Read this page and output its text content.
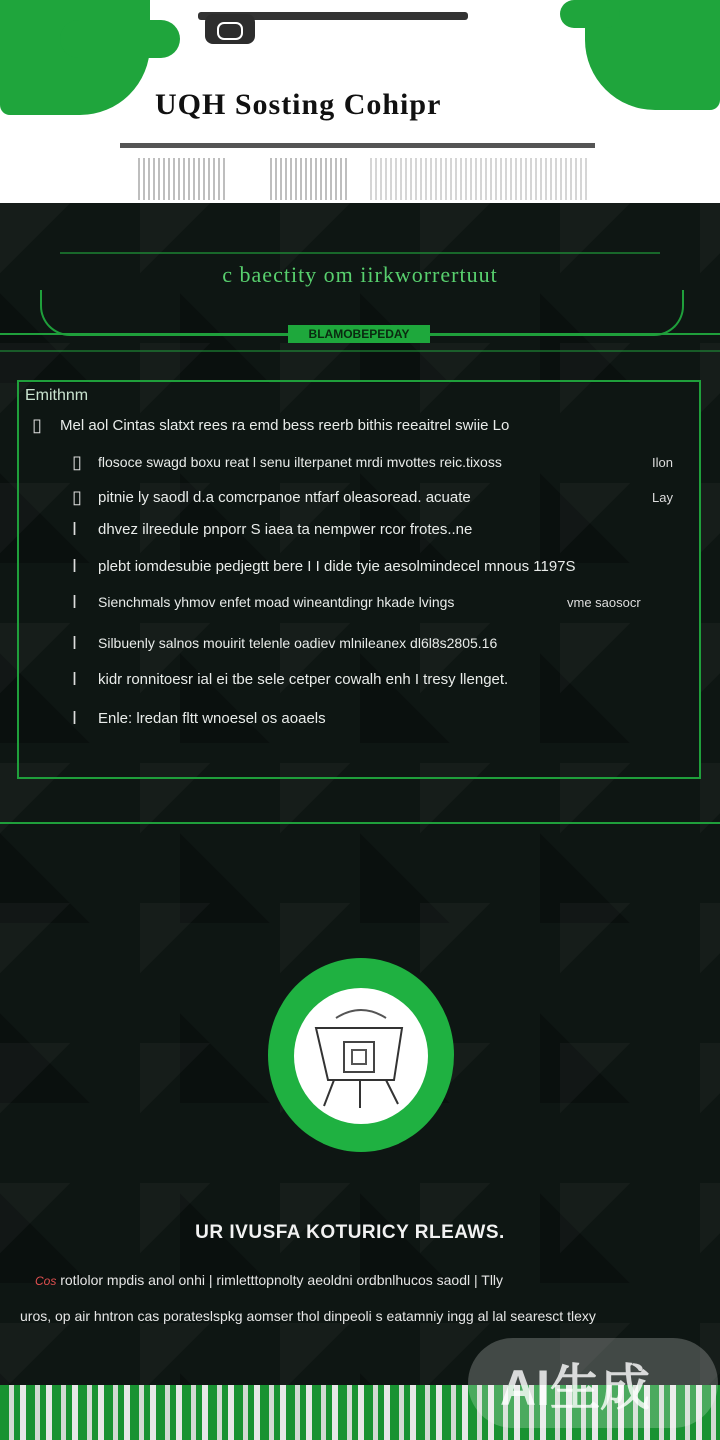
UQH Sosting Cohipr
c baectity om iirkworrertuut
BLAMOBEPEDAY
Emithnm
▯ Mel aol Cintas slatxt rees ra emd bess reerb bithis reeaitrel swiie Lo
▯ flosoce swagd boxu reat l senu ilterpanet mrdi mvottes reic.tixoss	Ilon
▯ pitnie ly saodl d.a comcrpanoe ntfarf oleasoread. acuate	Lay
I dhvez ilreedule pnporr S iaea ta nempwer rcor frotes..ne
I plebt iomdesubie pedjegtt bere I I dide tyie aesolmindecel mnous 1197S
I Sienchmals yhmov enfet moad wineantdingr hkade lvings	vme saosocr
I Silbuenly salnos mouirit telenle oadiev mlnileanex dl6l8s2805.16
I kidr ronnitoesr ial ei tbe sele cetper cowalh enh I tresy llenget.
I Enle: lredan fltt wnoesel os aoaels
UR IVUSFA KOTURICY RLEAWS.
Cos rotlolor mpdis anol onhi | rimletttopnolty aeoldni ordbnlhucos saodl | Tlly
uros, op air hntron cas porateslspkg aomser thol dinpeoli s eatamniy ingg al lal searesct tlexy
AI生成
